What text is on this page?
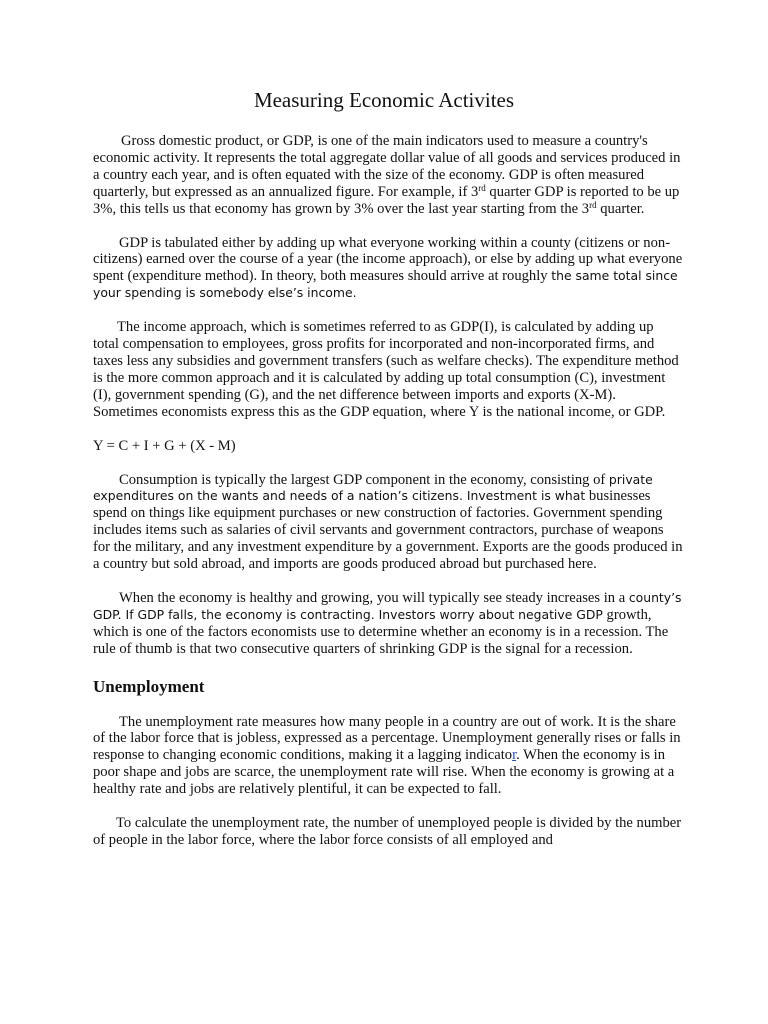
Measuring Economic Activites

Gross domestic product, or GDP, is one of the main indicators used to measure a country's economic activity. It represents the total aggregate dollar value of all goods and services produced in a country each year, and is often equated with the size of the economy. GDP is often measured quarterly, but expressed as an annualized figure. For example, if 3rd quarter GDP is reported to be up 3%, this tells us that economy has grown by 3% over the last year starting from the 3rd quarter.

GDP is tabulated either by adding up what everyone working within a county (citizens or non-citizens) earned over the course of a year (the income approach), or else by adding up what everyone spent (expenditure method). In theory, both measures should arrive at roughly the same total since your spending is somebody else’s income.

The income approach, which is sometimes referred to as GDP(I), is calculated by adding up total compensation to employees, gross profits for incorporated and non-incorporated firms, and taxes less any subsidies and government transfers (such as welfare checks). The expenditure method is the more common approach and it is calculated by adding up total consumption (C), investment (I), government spending (G), and the net difference between imports and exports (X-M). Sometimes economists express this as the GDP equation, where Y is the national income, or GDP.

Y = C + I + G + (X - M)

Consumption is typically the largest GDP component in the economy, consisting of private expenditures on the wants and needs of a nation’s citizens. Investment is what businesses spend on things like equipment purchases or new construction of factories. Government spending includes items such as salaries of civil servants and government contractors, purchase of weapons for the military, and any investment expenditure by a government. Exports are the goods produced in a country but sold abroad, and imports are goods produced abroad but purchased here.

When the economy is healthy and growing, you will typically see steady increases in a county’s GDP. If GDP falls, the economy is contracting. Investors worry about negative GDP growth, which is one of the factors economists use to determine whether an economy is in a recession. The rule of thumb is that two consecutive quarters of shrinking GDP is the signal for a recession.

Unemployment

The unemployment rate measures how many people in a country are out of work. It is the share of the labor force that is jobless, expressed as a percentage. Unemployment generally rises or falls in response to changing economic conditions, making it a lagging indicator. When the economy is in poor shape and jobs are scarce, the unemployment rate will rise. When the economy is growing at a healthy rate and jobs are relatively plentiful, it can be expected to fall.

To calculate the unemployment rate, the number of unemployed people is divided by the number of people in the labor force, where the labor force consists of all employed and
